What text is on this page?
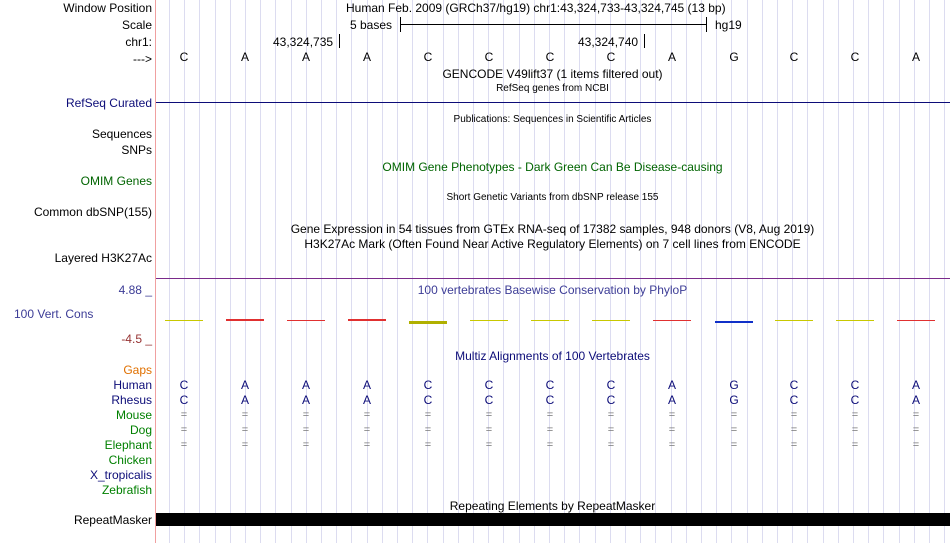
Window Position	Human Feb. 2009 (GRCh37/hg19) chr1:43,324,733-43,324,745 (13 bp)
Scale	5 bases	hg19
chr1:	43,324,735	43,324,740
--->	C	A	A	A	C	C	C	C	A	G	C	C	A
GENCODE V49lift37 (1 items filtered out)
RefSeq genes from NCBI
RefSeq Curated
Publications: Sequences in Scientific Articles
Sequences
SNPs
OMIM Gene Phenotypes - Dark Green Can Be Disease-causing
OMIM Genes
Short Genetic Variants from dbSNP release 155
Common dbSNP(155)
Gene Expression in 54 tissues from GTEx RNA-seq of 17382 samples, 948 donors (V8, Aug 2019)
H3K27Ac Mark (Often Found Near Active Regulatory Elements) on 7 cell lines from ENCODE
Layered H3K27Ac
100 vertebrates Basewise Conservation by PhyloP
4.88 _
100 Vert. Cons
-4.5 _
Multiz Alignments of 100 Vertebrates
Gaps
Human	C	A	A	A	C	C	C	C	A	G	C	C	A
Rhesus	C	A	A	A	C	C	C	C	A	G	C	C	A
Mouse	=	=	=	=	=	=	=	=	=	=	=	=	=
Dog	=	=	=	=	=	=	=	=	=	=	=	=	=
Elephant	=	=	=	=	=	=	=	=	=	=	=	=	=
Chicken
X_tropicalis
Zebrafish
Repeating Elements by RepeatMasker
RepeatMasker
